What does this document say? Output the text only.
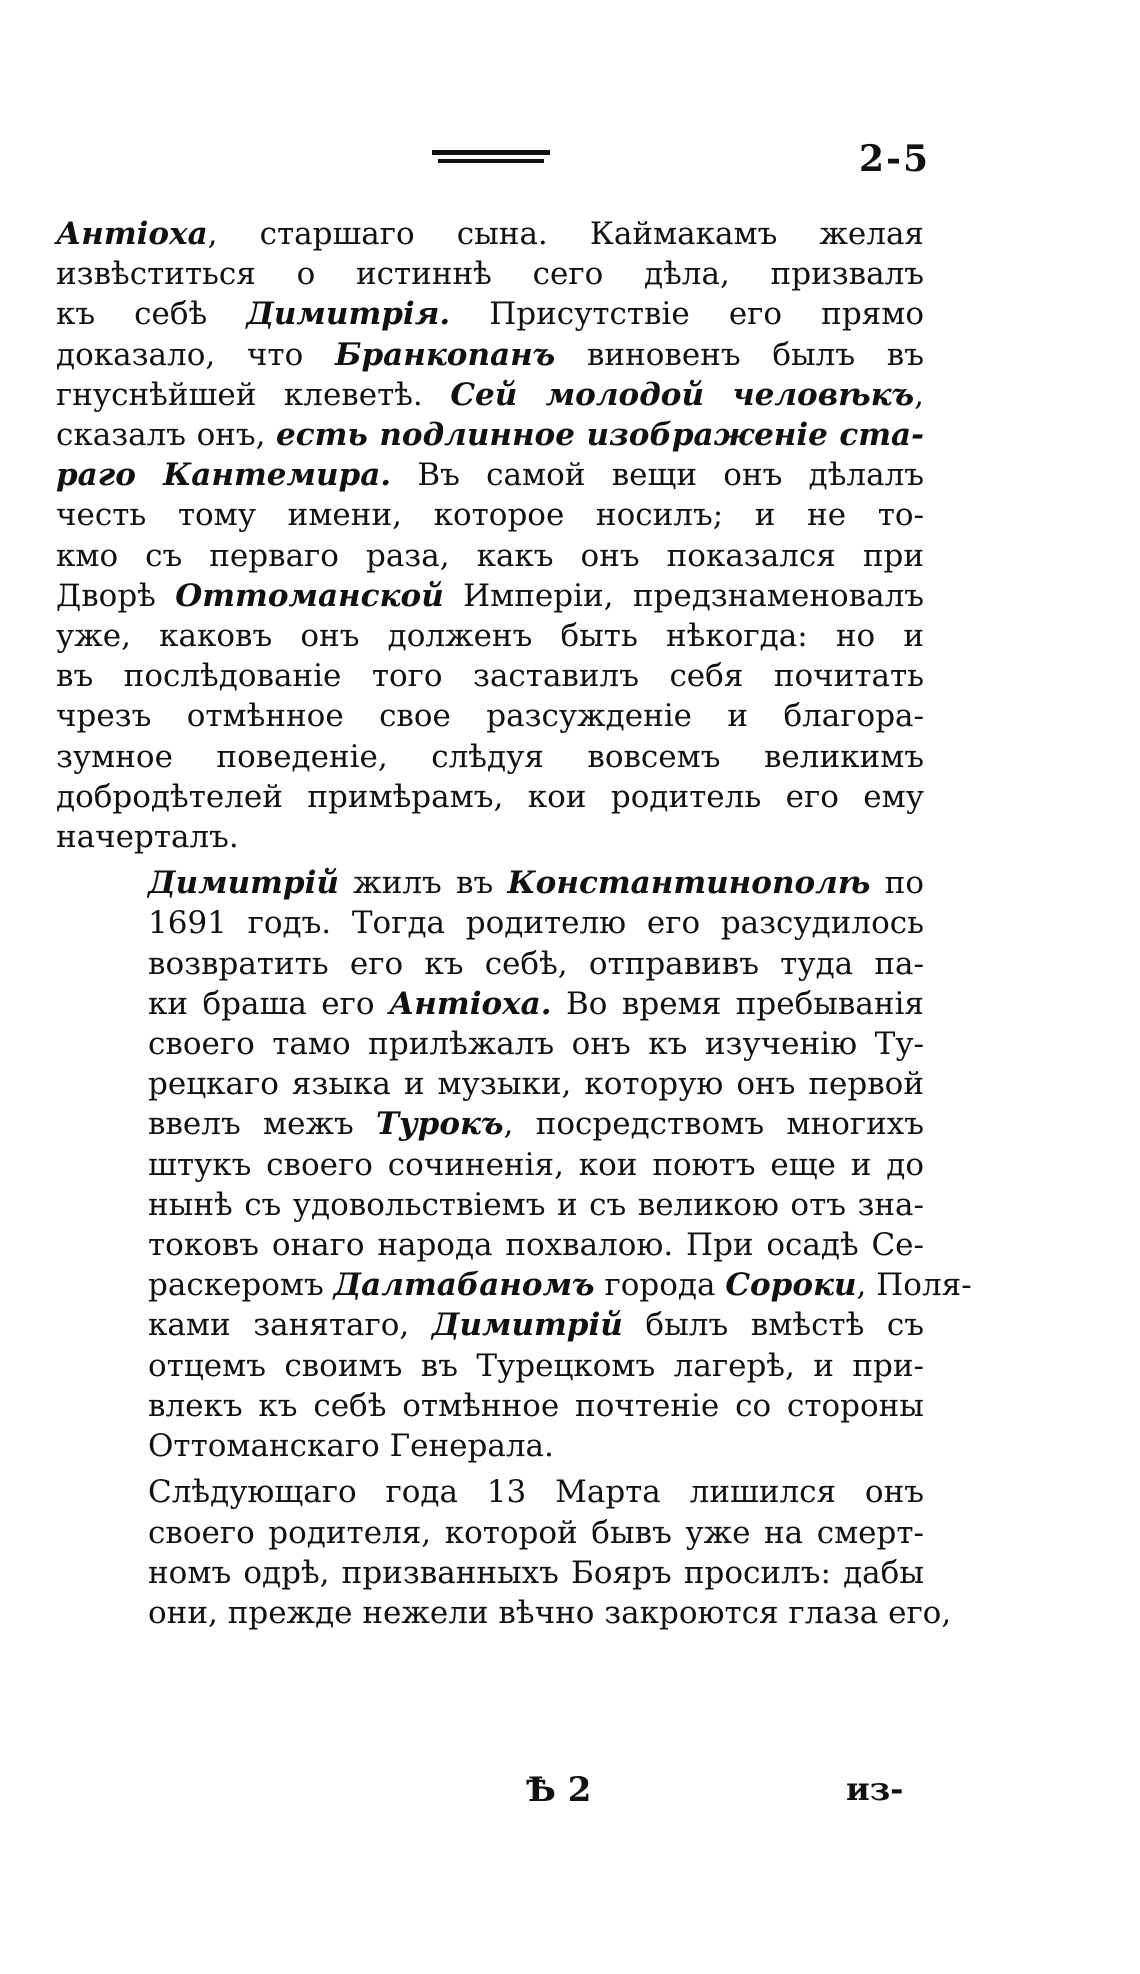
2-5

Антіоха, старшаго сына. Каймакамъ желая
извѣститься о истиннѣ сего дѣла, призвалъ
къ себѣ Димитрія. Присутствіе его прямо
доказало, что Бранкопанъ виновенъ былъ въ
гнуснѣйшей клеветѣ. Сей молодой человѣкъ,
сказалъ онъ, есть подлинное изображеніе ста-
раго Кантемира. Въ самой вещи онъ дѣлалъ
честь тому имени, которое носилъ; и не то-
кмо съ перваго раза, какъ онъ показался при
Дворѣ Оттоманской Имперіи, предзнаменовалъ
уже, каковъ онъ долженъ быть нѣкогда: но и
въ послѣдованіе того заставилъ себя почитать
чрезъ отмѣнное свое разсужденіе и благора-
зумное поведеніе, слѣдуя вовсемъ великимъ
добродѣтелей примѣрамъ, кои родитель его ему
начерталъ.

Димитрій жилъ въ Константинополѣ по
1691 годъ. Тогда родителю его разсудилось
возвратить его къ себѣ, отправивъ туда па-
ки браша его Антіоха. Во время пребыванія
своего тамо прилѣжалъ онъ къ изученію Ту-
рецкаго языка и музыки, которую онъ первой
ввелъ межъ Турокъ, посредствомъ многихъ
штукъ своего сочиненія, кои поютъ еще и до
нынѣ съ удовольствіемъ и съ великою отъ зна-
токовъ онаго народа похвалою. При осадѣ Се-
раскеромъ Далтабаномъ города Сороки, Поля-
ками занятаго, Димитрій былъ вмѣстѣ съ
отцемъ своимъ въ Турецкомъ лагерѣ, и при-
влекъ къ себѣ отмѣнное почтеніе со стороны
Оттоманскаго Генерала.

Слѣдующаго года 13 Марта лишился онъ
своего родителя, которой бывъ уже на смерт-
номъ одрѣ, призванныхъ Бояръ просилъ: дабы
они, прежде нежели вѣчно закроются глаза его,

Ѣ 2	из-
